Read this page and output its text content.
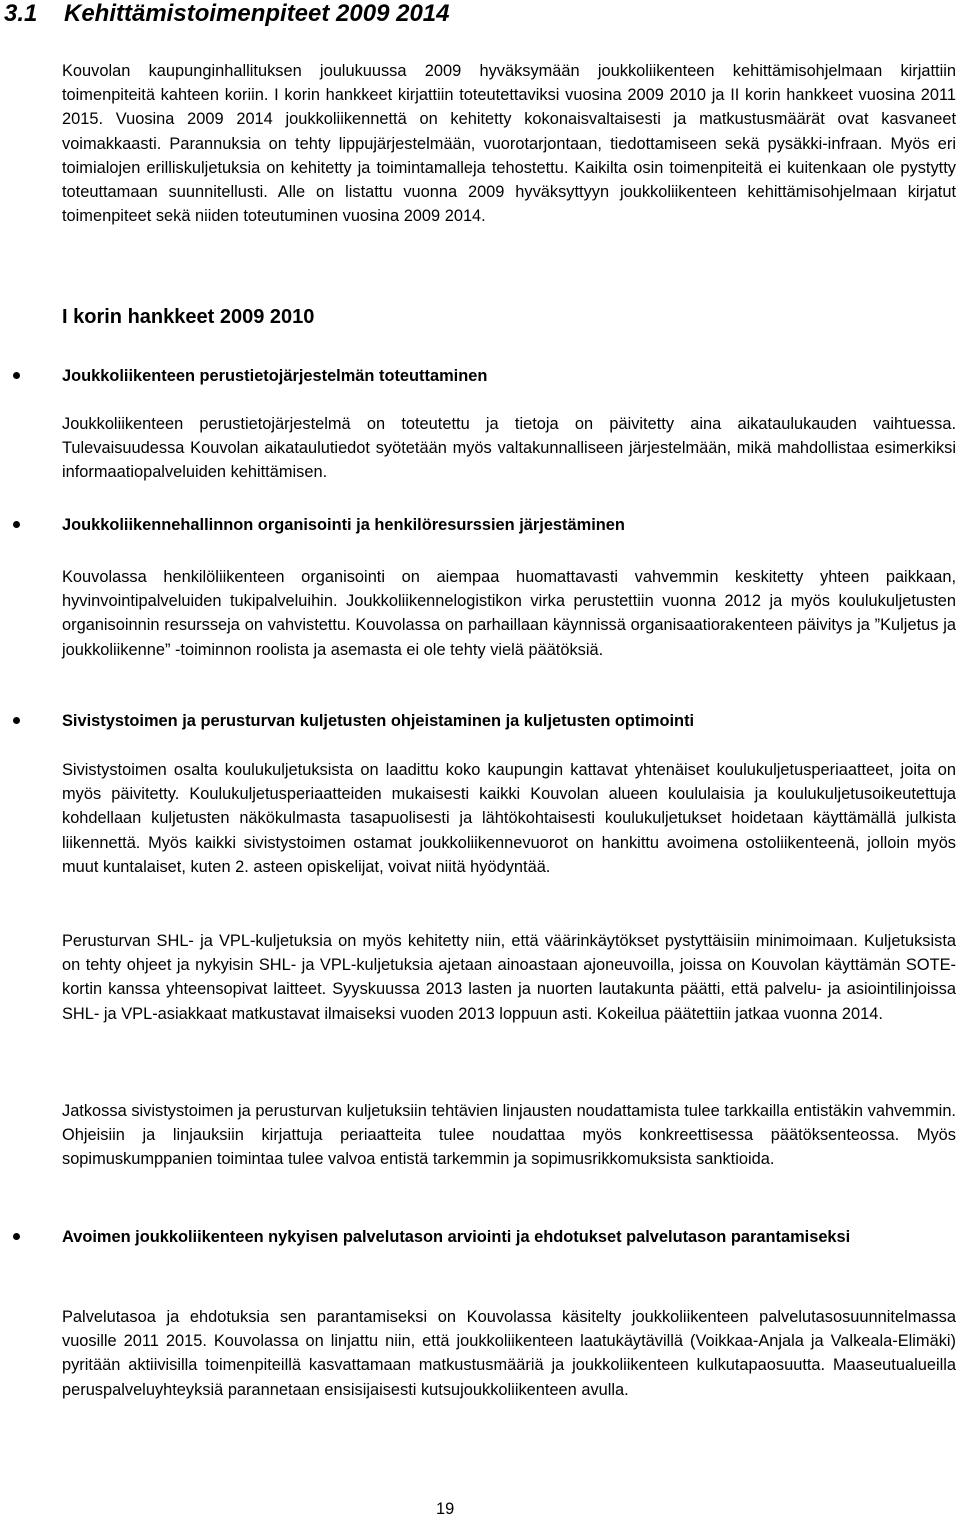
3.1 Kehittämistoimenpiteet 2009 2014
Kouvolan kaupunginhallituksen joulukuussa 2009 hyväksymään joukkoliikenteen kehittämisohjelmaan kirjattiin toimenpiteitä kahteen koriin. I korin hankkeet kirjattiin toteutettaviksi vuosina 2009 2010 ja II korin hankkeet vuosina 2011 2015. Vuosina 2009 2014 joukkoliikennettä on kehitetty kokonaisvaltaisesti ja matkustusmäärät ovat kasvaneet voimakkaasti. Parannuksia on tehty lippujärjestelmään, vuorotarjontaan, tiedottamiseen sekä pysäkki-infraan. Myös eri toimialojen erilliskuljetuksia on kehitetty ja toimintamalleja tehostettu. Kaikilta osin toimenpiteitä ei kuitenkaan ole pystytty toteuttamaan suunnitellusti. Alle on listattu vuonna 2009 hyväksyttyyn joukkoliikenteen kehittämisohjelmaan kirjatut toimenpiteet sekä niiden toteutuminen vuosina 2009 2014.
I korin hankkeet 2009 2010
Joukkoliikenteen perustietojärjestelmän toteuttaminen
Joukkoliikenteen perustietojärjestelmä on toteutettu ja tietoja on päivitetty aina aikataulukauden vaihtuessa. Tulevaisuudessa Kouvolan aikataulutiedot syötetään myös valtakunnalliseen järjestelmään, mikä mahdollistaa esimerkiksi informaatiopalveluiden kehittämisen.
Joukkoliikennehallinnon organisointi ja henkilöresurssien järjestäminen
Kouvolassa henkilöliikenteen organisointi on aiempaa huomattavasti vahvemmin keskitetty yhteen paikkaan, hyvinvointipalveluiden tukipalveluihin. Joukkoliikennelogistikon virka perustettiin vuonna 2012 ja myös koulukuljetusten organisoinnin resursseja on vahvistettu. Kouvolassa on parhaillaan käynnissä organisaatiorakenteen päivitys ja ”Kuljetus ja joukkoliikenne” -toiminnon roolista ja asemasta ei ole tehty vielä päätöksiä.
Sivistystoimen ja perusturvan kuljetusten ohjeistaminen ja kuljetusten optimointi
Sivistystoimen osalta koulukuljetuksista on laadittu koko kaupungin kattavat yhtenäiset koulukuljetusperiaatteet, joita on myös päivitetty. Koulukuljetusperiaatteiden mukaisesti kaikki Kouvolan alueen koululaisia ja koulukuljetusoikeutettuja kohdellaan kuljetusten näkökulmasta tasapuolisesti ja lähtökohtaisesti koulukuljetukset hoidetaan käyttämällä julkista liikennettä. Myös kaikki sivistystoimen ostamat joukkoliikennevuorot on hankittu avoimena ostoliikenteenä, jolloin myös muut kuntalaiset, kuten 2. asteen opiskelijat, voivat niitä hyödyntää.
Perusturvan SHL- ja VPL-kuljetuksia on myös kehitetty niin, että väärinkäytökset pystyttäisiin minimoimaan. Kuljetuksista on tehty ohjeet ja nykyisin SHL- ja VPL-kuljetuksia ajetaan ainoastaan ajoneuvoilla, joissa on Kouvolan käyttämän SOTE-kortin kanssa yhteensopivat laitteet. Syyskuussa 2013 lasten ja nuorten lautakunta päätti, että palvelu- ja asiointilinjoissa SHL- ja VPL-asiakkaat matkustavat ilmaiseksi vuoden 2013 loppuun asti. Kokeilua päätettiin jatkaa vuonna 2014.
Jatkossa sivistystoimen ja perusturvan kuljetuksiin tehtävien linjausten noudattamista tulee tarkkailla entistäkin vahvemmin. Ohjeisiin ja linjauksiin kirjattuja periaatteita tulee noudattaa myös konkreettisessa päätöksenteossa. Myös sopimuskumppanien toimintaa tulee valvoa entistä tarkemmin ja sopimusrikkomuksista sanktioida.
Avoimen joukkoliikenteen nykyisen palvelutason arviointi ja ehdotukset palvelutason parantamiseksi
Palvelutasoa ja ehdotuksia sen parantamiseksi on Kouvolassa käsitelty joukkoliikenteen palvelutasosuunnitelmassa vuosille 2011 2015. Kouvolassa on linjattu niin, että joukkoliikenteen laatukäytävillä (Voikkaa-Anjala ja Valkeala-Elimäki) pyritään aktiivisilla toimenpiteillä kasvattamaan matkustusmääriä ja joukkoliikenteen kulkutapaosuutta. Maaseutualueilla peruspalveluyhteyksiä parannetaan ensisijaisesti kutsujoukkoliikenteen avulla.
19
